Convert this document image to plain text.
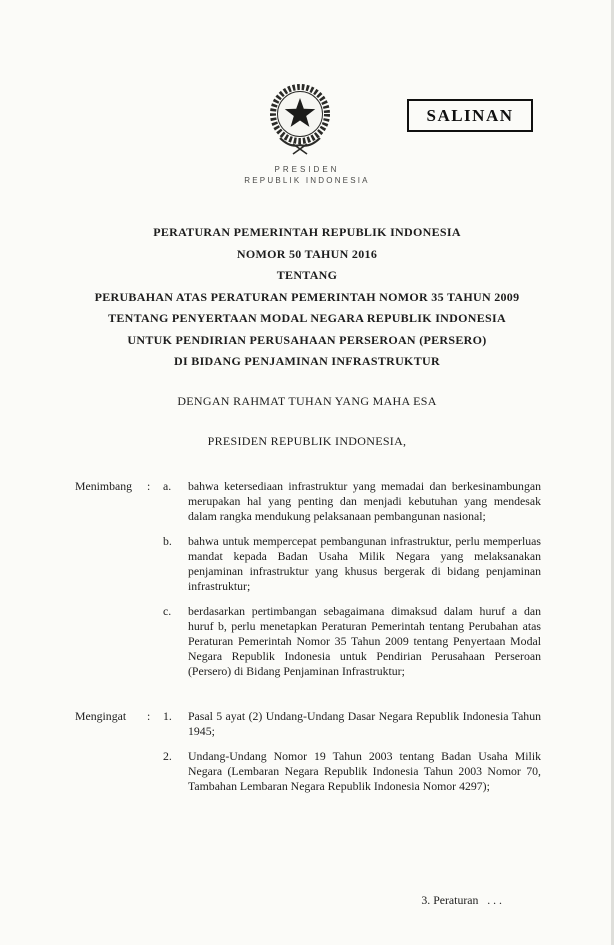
SALINAN
PRESIDEN
REPUBLIK INDONESIA
PERATURAN PEMERINTAH REPUBLIK INDONESIA
NOMOR 50 TAHUN 2016
TENTANG
PERUBAHAN ATAS PERATURAN PEMERINTAH NOMOR 35 TAHUN 2009
TENTANG PENYERTAAN MODAL NEGARA REPUBLIK INDONESIA
UNTUK PENDIRIAN PERUSAHAAN PERSEROAN (PERSERO)
DI BIDANG PENJAMINAN INFRASTRUKTUR
DENGAN RAHMAT TUHAN YANG MAHA ESA
PRESIDEN REPUBLIK INDONESIA,
Menimbang	:	a.	bahwa ketersediaan infrastruktur yang memadai dan berkesinambungan merupakan hal yang penting dan menjadi kebutuhan yang mendesak dalam rangka mendukung pelaksanaan pembangunan nasional;
b.	bahwa untuk mempercepat pembangunan infrastruktur, perlu memperluas mandat kepada Badan Usaha Milik Negara yang melaksanakan penjaminan infrastruktur yang khusus bergerak di bidang penjaminan infrastruktur;
c.	berdasarkan pertimbangan sebagaimana dimaksud dalam huruf a dan huruf b, perlu menetapkan Peraturan Pemerintah tentang Perubahan atas Peraturan Pemerintah Nomor 35 Tahun 2009 tentang Penyertaan Modal Negara Republik Indonesia untuk Pendirian Perusahaan Perseroan (Persero) di Bidang Penjaminan Infrastruktur;
Mengingat	:	1.	Pasal 5 ayat (2) Undang-Undang Dasar Negara Republik Indonesia Tahun 1945;
2.	Undang-Undang Nomor 19 Tahun 2003 tentang Badan Usaha Milik Negara (Lembaran Negara Republik Indonesia Tahun 2003 Nomor 70, Tambahan Lembaran Negara Republik Indonesia Nomor 4297);
3. Peraturan   . . .
